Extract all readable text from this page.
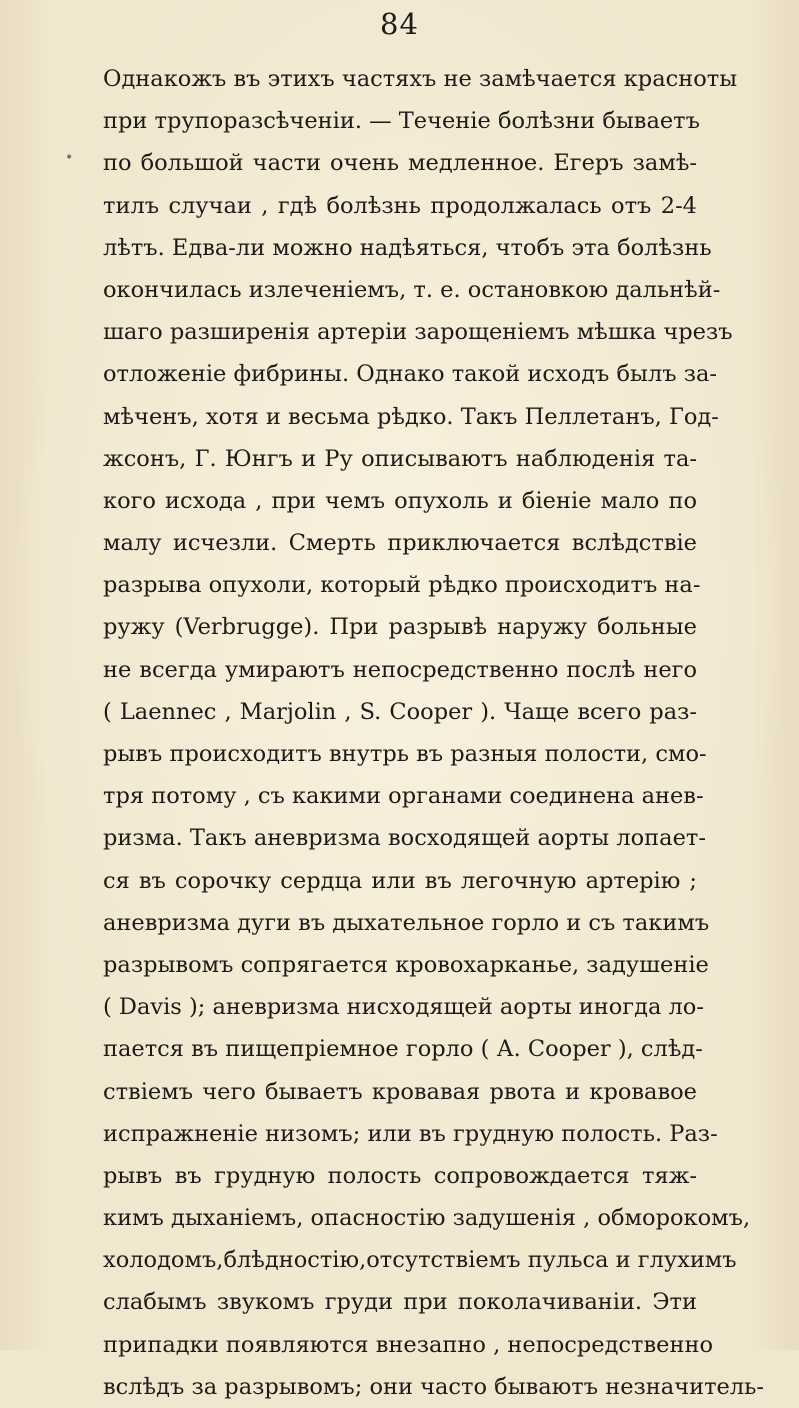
84
•
Однакожъ въ этихъ частяхъ не замѣчается красноты
при трупоразсѣченіи. — Теченіе болѣзни бываетъ
по большой части очень медленное. Егеръ замѣ-
тилъ случаи , гдѣ болѣзнь продолжалась отъ 2-4
лѣтъ. Едва-ли можно надѣяться, чтобъ эта болѣзнь
окончилась излеченіемъ, т. е. остановкою дальнѣй-
шаго разширенія артеріи зарощеніемъ мѣшка чрезъ
отложеніе фибрины. Однако такой исходъ былъ за-
мѣченъ, хотя и весьма рѣдко. Такъ Пеллетанъ, Год-
жсонъ, Г. Юнгъ и Ру описываютъ наблюденія та-
кого исхода , при чемъ опухоль и біеніе мало по
малу исчезли. Смерть приключается вслѣдствіе
разрыва опухоли, который рѣдко происходитъ на-
ружу (Verbrugge). При разрывѣ наружу больные
не всегда умираютъ непосредственно послѣ него
( Laennec , Marjolin , S. Cooper ). Чаще всего раз-
рывъ происходитъ внутрь въ разныя полости, смо-
тря потому , съ какими органами соединена анев-
ризма. Такъ аневризма восходящей аорты лопает-
ся въ сорочку сердца или въ легочную артерію ;
аневризма дуги въ дыхательное горло и съ такимъ
разрывомъ сопрягается кровохарканье, задушеніе
( Davis ); аневризма нисходящей аорты иногда ло-
пается въ пищепріемное горло ( А. Cooper ), слѣд-
ствіемъ чего бываетъ кровавая рвота и кровавое
испражненіе низомъ; или въ грудную полость. Раз-
рывъ въ грудную полость сопровождается тяж-
кимъ дыханіемъ, опасностію задушенія , обморокомъ,
холодомъ,блѣдностію,отсутствіемъ пульса и глухимъ
слабымъ звукомъ груди при поколачиваніи. Эти
припадки появляются внезапно , непосредственно
вслѣдъ за разрывомъ; они часто бываютъ незначитель-
